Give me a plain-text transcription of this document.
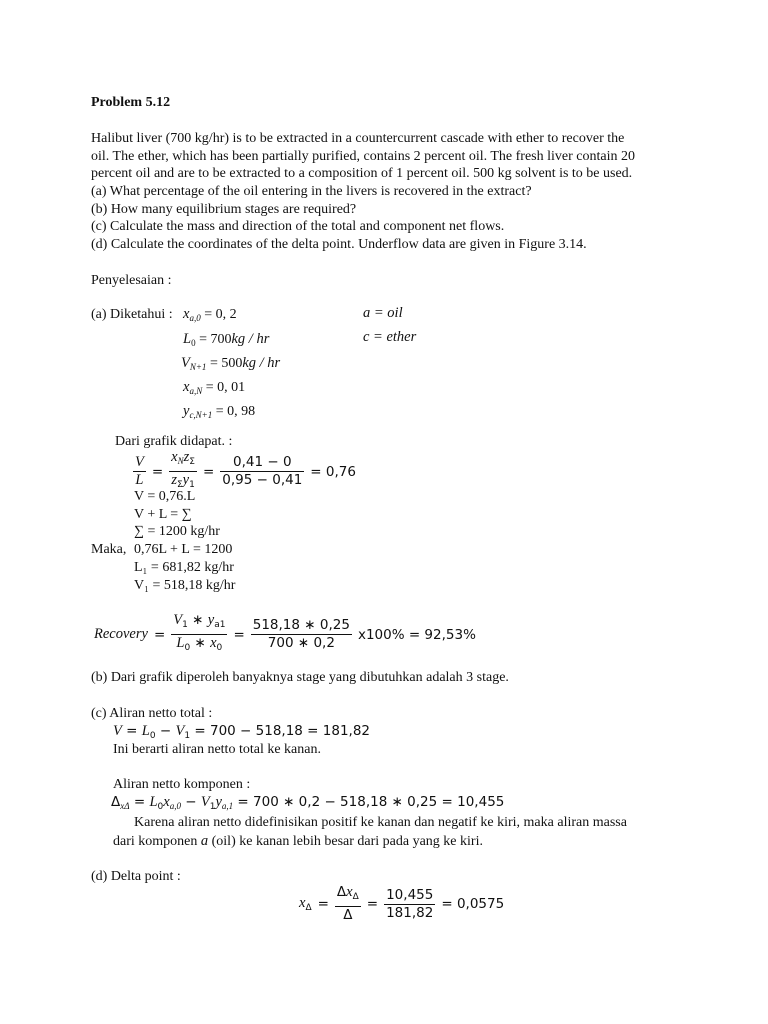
Problem 5.12
Halibut liver (700 kg/hr) is to be extracted in a countercurrent cascade with ether to recover the
oil. The ether, which has been partially purified, contains 2 percent oil. The fresh liver contain 20
percent oil and are to be extracted to a composition of 1 percent oil. 500 kg solvent is to be used.
(a) What percentage of the oil entering in the livers is recovered in the extract?
(b) How many equilibrium stages are required?
(c) Calculate the mass and direction of the total and component net flows.
(d) Calculate the coordinates of the delta point. Underflow data are given in Figure 3.14.
Penyelesaian :
(a) Diketahui : $x_{a,0} = 0$, 2
$L_0 = 700kg$ / hr
$V_{N+1} = 500kg$ / hr
$x_{a,N} = 0$, 01
$y_{c,N+1} = 0$, 98
a = oil
c = ether
Dari grafik didapat. :
$\frac{V}{L} = \frac{x_Nz_\Sigma}{z_\Sigma y_1} = \frac{0,41 - 0}{0,95 - 0,41} = 0,76$
V = 0,76.L
V + L = ∑
∑ = 1200 kg/hr
Maka, 0,76L + L = 1200
L₁ = 681,82 kg/hr
V₁ = 518,18 kg/hr
Recovery = $\frac{V_1 ∗ y_{a1}}{L_0 ∗ x_0} = \frac{518,18 ∗ 0,25}{700 ∗ 0,2} x100\% = 92,53\%$
(b) Dari grafik diperoleh banyaknya stage yang dibutuhkan adalah 3 stage.
(c) Aliran netto total :
$V = L_0 - V_1 = 700 - 518,18 = 181,82$
Ini berarti aliran netto total ke kanan.
Aliran netto komponen :
$\Delta_{x\Delta} = L_0x_{a,0} - V_1y_{a,1} = 700$ ∗ 0,2 − 518,18 ∗ 0,25 = 10,455
Karena aliran netto didefinisikan positif ke kanan dan negatif ke kiri, maka aliran massa
dari komponen a (oil) ke kanan lebih besar dari pada yang ke kiri.
(d) Delta point :
$x_\Delta = \frac{\Delta x_\Delta}{\Delta} = \frac{10,455}{181,82} = 0,0575$
